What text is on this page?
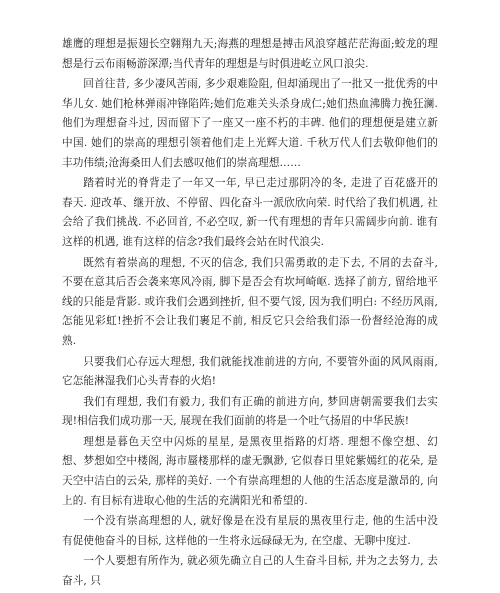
雄鹰的理想是振翅长空翱翔九天;海燕的理想是搏击风浪穿越茫茫海面;蛟龙的理想是行云布雨畅游深潭;当代青年的理想是与时俱进屹立风口浪尖.

回首往昔, 多少凄风苦雨, 多少艰难险阻, 但却涌现出了一批又一批优秀的中华儿女. 她们枪林弹雨冲锋陷阵;她们危难关头杀身成仁;她们热血沸腾力挽狂澜. 他们为理想奋斗过, 因而留下了一座又一座不朽的丰碑. 他们的理想便是建立新中国. 她们的崇高的理想引领着他们走上光辉大道. 千秋万代人们去敬仰他们的丰功伟绩;沧海桑田人们去感叹他们的崇高理想……

踏着时光的脊背走了一年又一年, 早已走过那阴冷的冬, 走进了百花盛开的春天. 迎改革、继开放、不停留、四化奋斗一派欣欣向荣. 时代给了我们机遇, 社会给了我们挑战. 不必回首, 不必空叹, 新一代有理想的青年只需阔步向前. 谁有这样的机遇, 谁有这样的信念?我们最终会站在时代浪尖.

既然有着崇高的理想, 不灭的信念, 我们只需勇敢的走下去, 不屑的去奋斗, 不要在意其后否会袭来寒风冷雨, 脚下是否会有坎坷崎岖. 选择了前方, 留给地平线的只能是背影. 或许我们会遇到挫折, 但不要气馁, 因为我们明白: 不经历风雨, 怎能见彩虹!挫折不会让我们裹足不前, 相反它只会给我们添一份督经沧海的成熟.

只要我们心存远大理想, 我们就能找准前进的方向, 不要管外面的风风雨雨, 它怎能淋湿我们心头青春的火焰!

我们有理想, 我们有毅力, 我们有正确的前进方向, 梦回唐朝需要我们去实现!相信我们成功那一天, 展现在我们面前的将是一个吐气扬眉的中华民族!

理想是暮色天空中闪烁的星星, 是黑夜里指路的灯塔. 理想不像空想、幻想、梦想如空中楼阁, 海市蜃楼那样的虚无飘渺, 它似春日里姹紫嫣红的花朵, 是天空中洁白的云朵, 那样的美好. 一个有崇高理想的人他的生活态度是激昂的, 向上的. 有目标有进取心他的生活的充满阳光和希望的.

一个没有崇高理想的人, 就好像是在没有星辰的黑夜里行走, 他的生活中没有促使他奋斗的目标, 这样他的一生将永远碌碌无为, 在空虚、无聊中度过.

一个人要想有所作为, 就必须先确立自己的人生奋斗目标, 并为之去努力, 去奋斗, 只
